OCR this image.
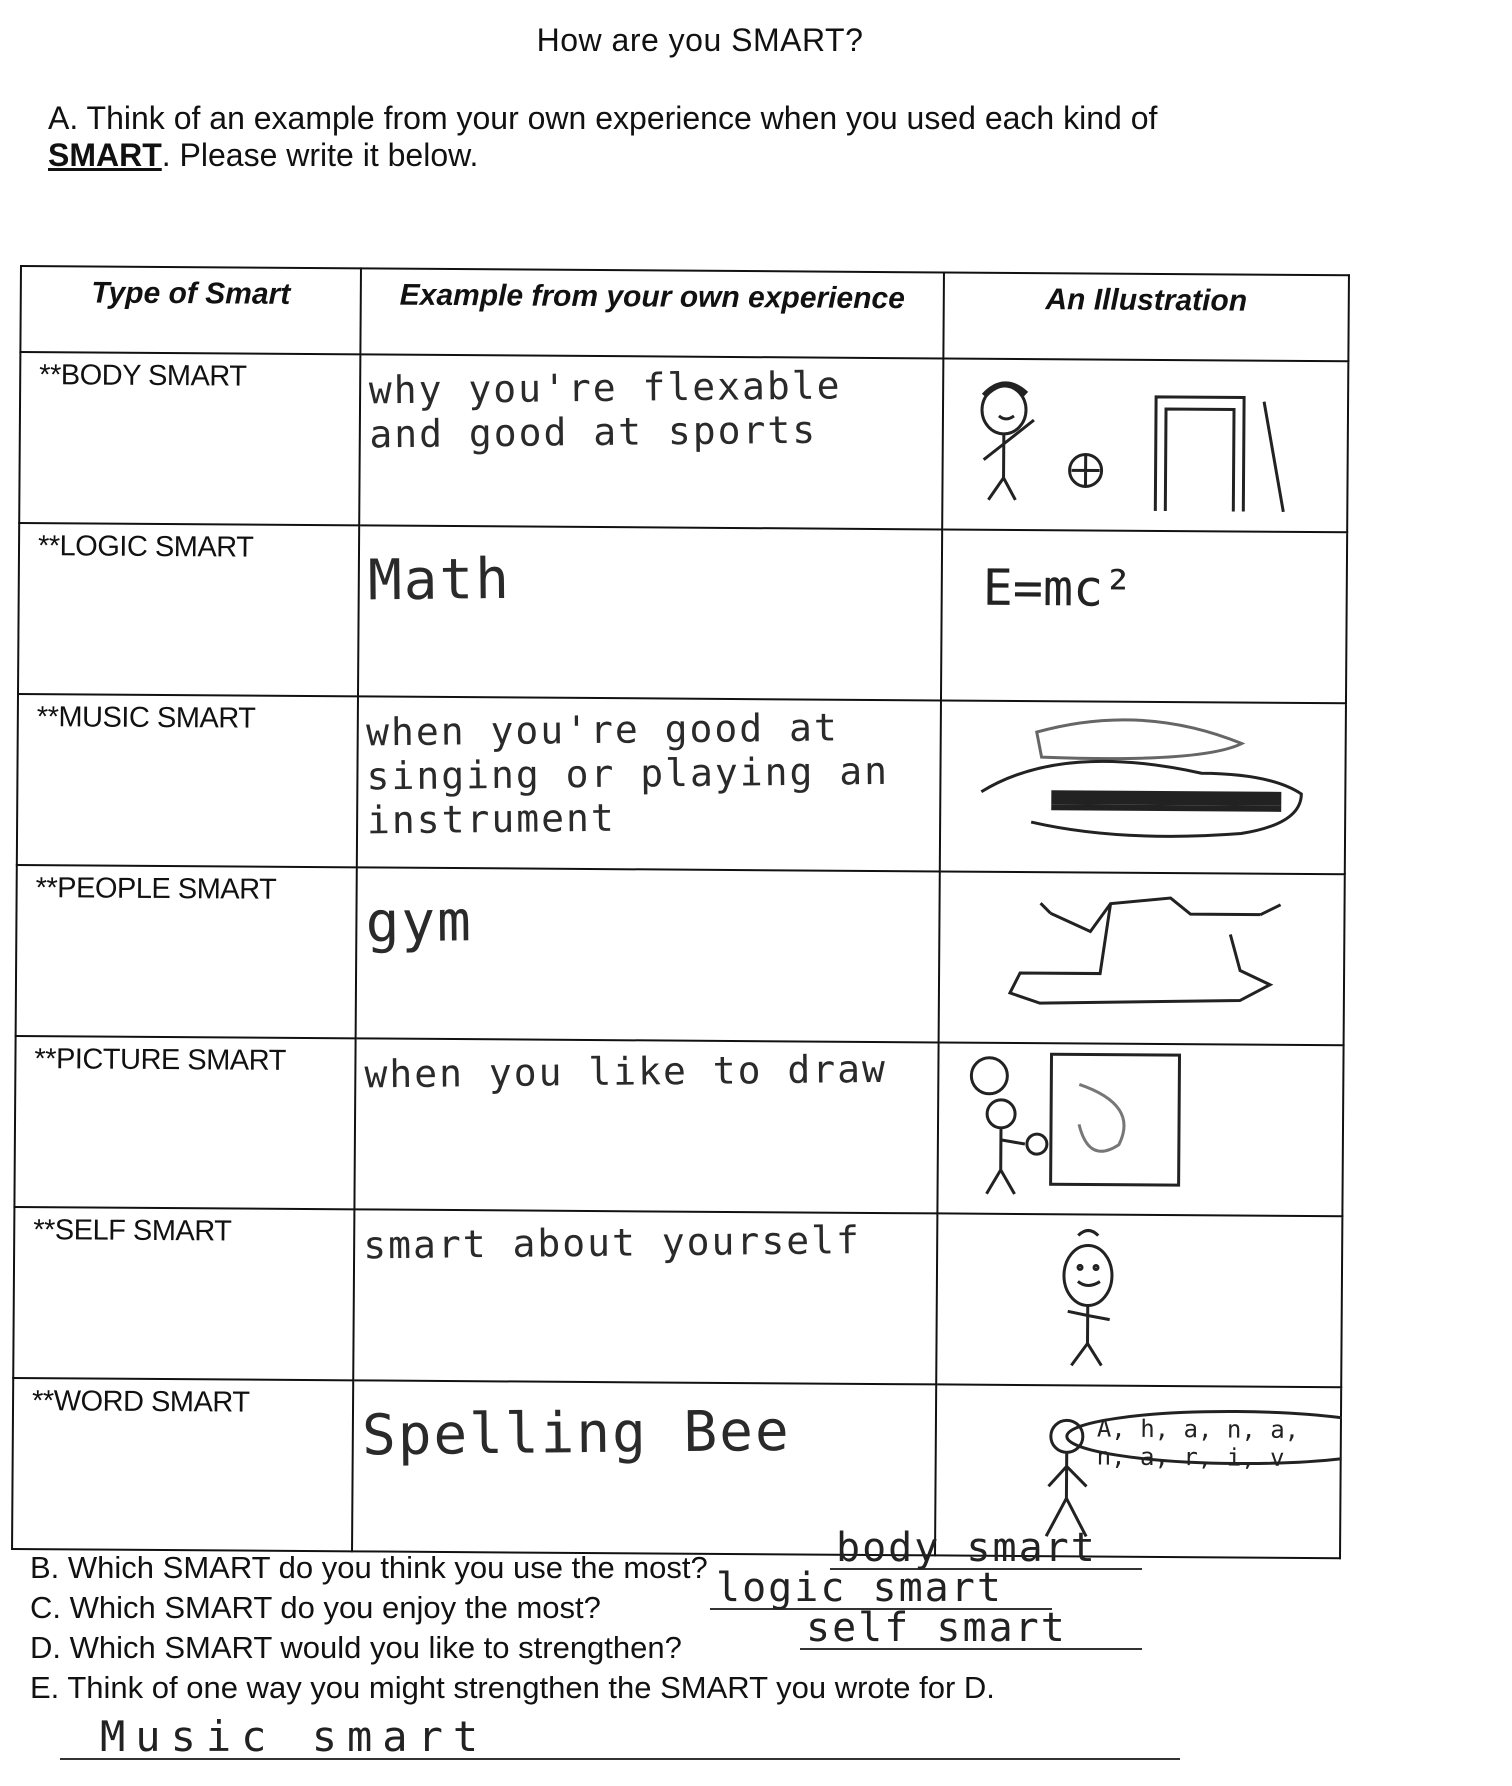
How are you SMART?
A. Think of an example from your own experience when you used each kind of
SMART. Please write it below.
Type of Smart	Example from your own experience	An Illustration
**BODY SMART	why you're flexable and good at sports

**LOGIC SMART	Math	E=mc²

**MUSIC SMART	when you're good at singing or playing an instrument

**PEOPLE SMART	gym

**PICTURE SMART	when you like to draw

**SELF SMART	smart about yourself

**WORD SMART	Spelling Bee	A, h, a, n, a, n, a, r, i, v
B. Which SMART do you think you use the most?	body smart
C. Which SMART do you enjoy the most?	logic smart
D. Which SMART would you like to strengthen?	self smart
E. Think of one way you might strengthen the SMART you wrote for D.
Music smart
